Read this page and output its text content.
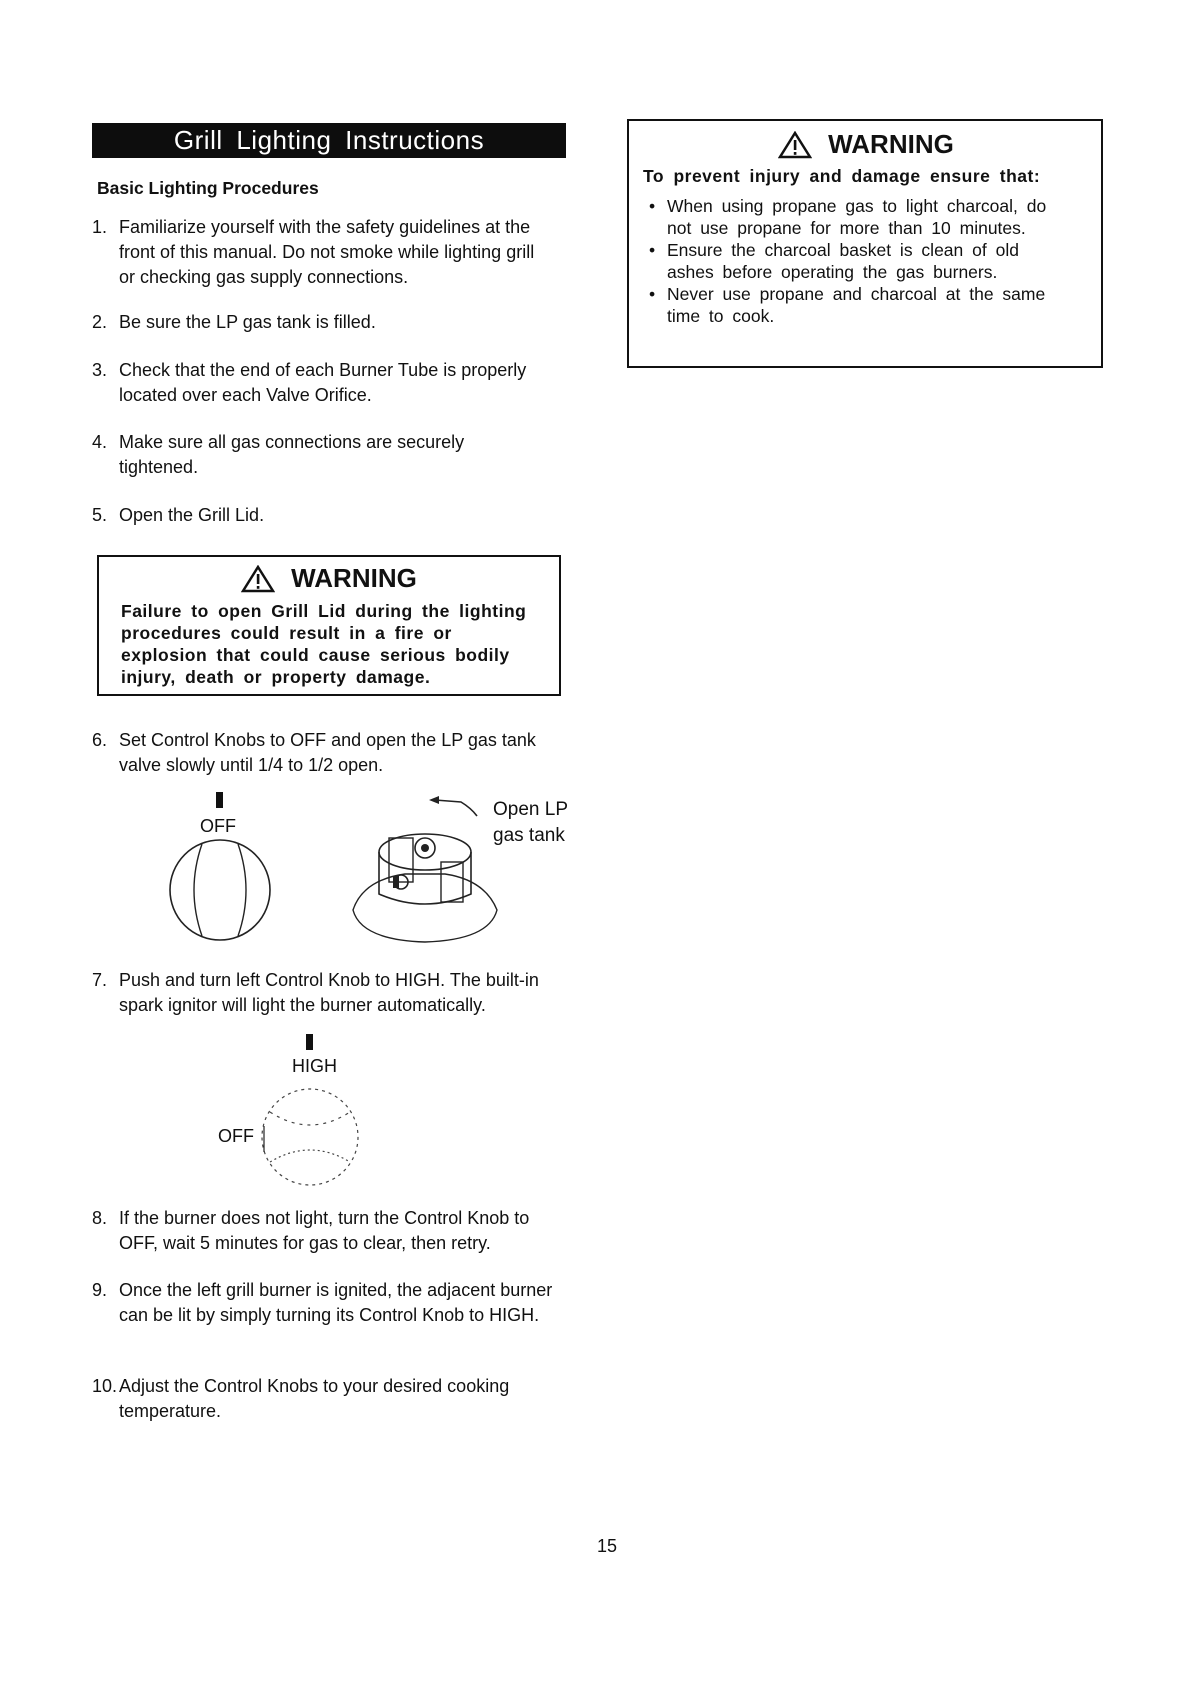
Grill Lighting Instructions
Basic Lighting Procedures
1. Familiarize yourself with the safety guidelines at the front of this manual. Do not smoke while lighting grill or checking gas supply connections.
2. Be sure the LP gas tank is filled.
3. Check that the end of each Burner Tube is properly located over each Valve Orifice.
4. Make sure all gas connections are securely tightened.
5. Open the Grill Lid.
WARNING
Failure to open Grill Lid during the lighting procedures could result in a fire or explosion that could cause serious bodily injury, death or property damage.
6. Set Control Knobs to OFF and open the LP gas tank valve slowly until 1/4 to 1/2 open.
OFF
Open LP
gas tank
7. Push and turn left Control Knob to HIGH. The built-in spark ignitor will light the burner automatically.
HIGH
OFF
8. If the burner does not light, turn the Control Knob to OFF, wait 5 minutes for gas to clear, then retry.
9. Once the left grill burner is ignited, the adjacent burner can be lit by simply turning its Control Knob to HIGH.
10. Adjust the Control Knobs to your desired cooking temperature.
WARNING
To prevent injury and damage ensure that:
• When using propane gas to light charcoal, do not use propane for more than 10 minutes.
• Ensure the charcoal basket is clean of old ashes before operating the gas burners.
• Never use propane and charcoal at the same time to cook.
15
